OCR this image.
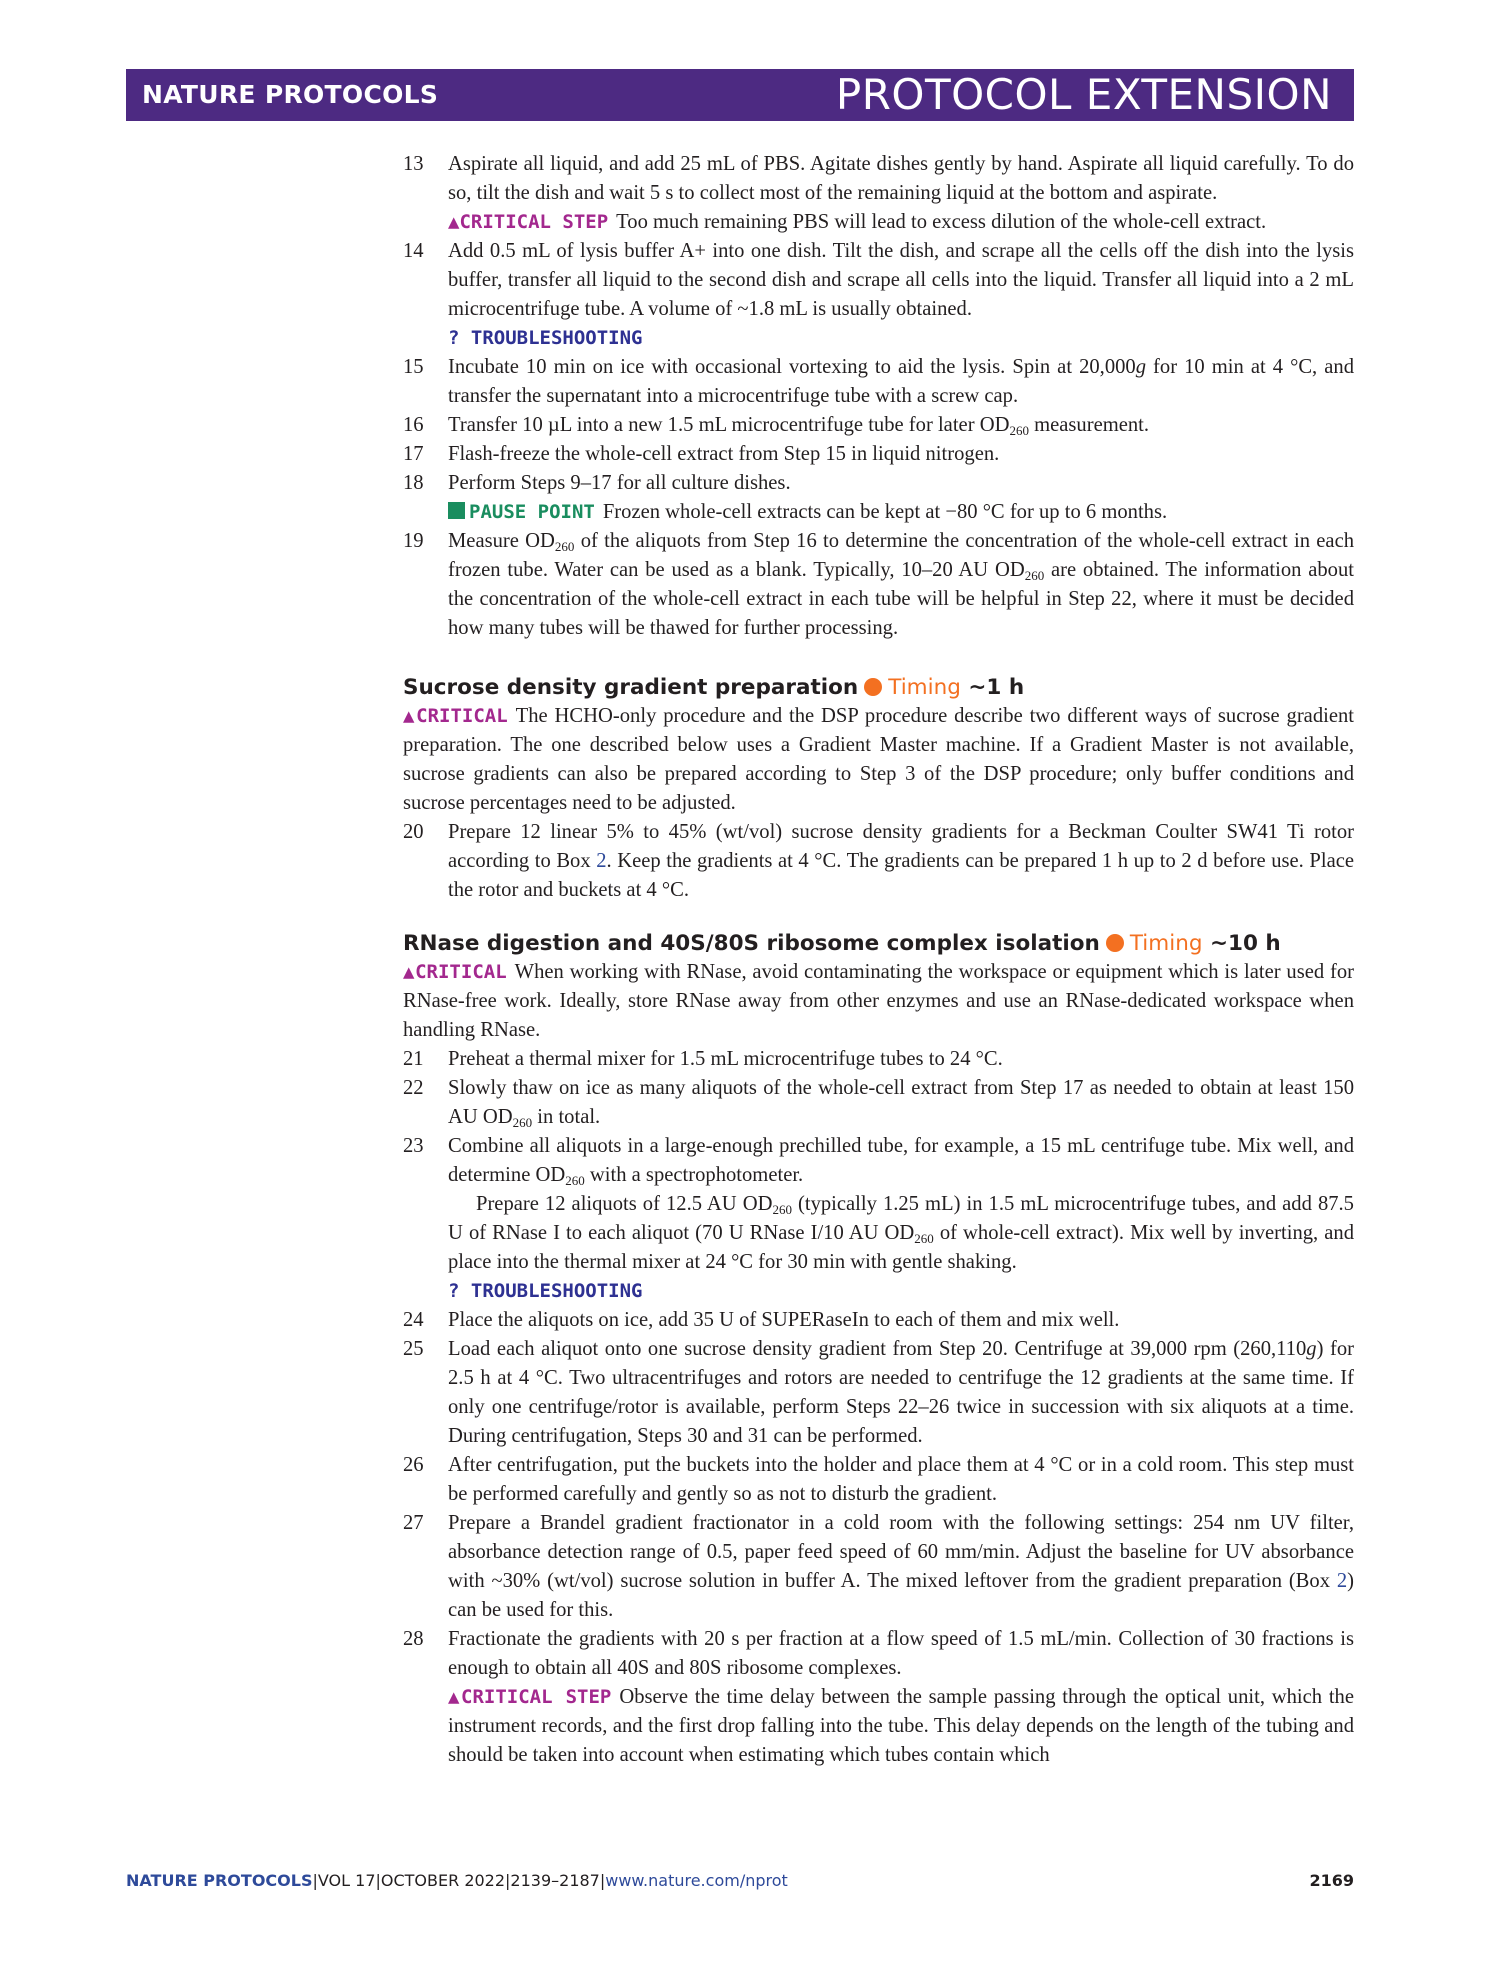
NATURE PROTOCOLS	PROTOCOL EXTENSION
13 Aspirate all liquid, and add 25 mL of PBS. Agitate dishes gently by hand. Aspirate all liquid carefully. To do so, tilt the dish and wait 5 s to collect most of the remaining liquid at the bottom and aspirate.
▲CRITICAL STEP Too much remaining PBS will lead to excess dilution of the whole-cell extract.
14 Add 0.5 mL of lysis buffer A+ into one dish. Tilt the dish, and scrape all the cells off the dish into the lysis buffer, transfer all liquid to the second dish and scrape all cells into the liquid. Transfer all liquid into a 2 mL microcentrifuge tube. A volume of ~1.8 mL is usually obtained.
? TROUBLESHOOTING
15 Incubate 10 min on ice with occasional vortexing to aid the lysis. Spin at 20,000g for 10 min at 4 °C, and transfer the supernatant into a microcentrifuge tube with a screw cap.
16 Transfer 10 µL into a new 1.5 mL microcentrifuge tube for later $OD_{260}$ measurement.
17 Flash-freeze the whole-cell extract from Step 15 in liquid nitrogen.
18 Perform Steps 9–17 for all culture dishes.
PAUSE POINT Frozen whole-cell extracts can be kept at −80 °C for up to 6 months.
19 Measure $OD_{260}$ of the aliquots from Step 16 to determine the concentration of the whole-cell extract in each frozen tube. Water can be used as a blank. Typically, 10–20 AU $OD_{260}$ are obtained. The information about the concentration of the whole-cell extract in each tube will be helpful in Step 22, where it must be decided how many tubes will be thawed for further processing.
Sucrose density gradient preparation Timing ~1 h
▲CRITICAL The HCHO-only procedure and the DSP procedure describe two different ways of sucrose gradient preparation. The one described below uses a Gradient Master machine. If a Gradient Master is not available, sucrose gradients can also be prepared according to Step 3 of the DSP procedure; only buffer conditions and sucrose percentages need to be adjusted.
20 Prepare 12 linear 5% to 45% (wt/vol) sucrose density gradients for a Beckman Coulter SW41 Ti rotor according to Box 2. Keep the gradients at 4 °C. The gradients can be prepared 1 h up to 2 d before use. Place the rotor and buckets at 4 °C.
RNase digestion and 40S/80S ribosome complex isolation Timing ~10 h
▲CRITICAL When working with RNase, avoid contaminating the workspace or equipment which is later used for RNase-free work. Ideally, store RNase away from other enzymes and use an RNase-dedicated workspace when handling RNase.
21 Preheat a thermal mixer for 1.5 mL microcentrifuge tubes to 24 °C.
22 Slowly thaw on ice as many aliquots of the whole-cell extract from Step 17 as needed to obtain at least 150 AU $OD_{260}$ in total.
23 Combine all aliquots in a large-enough prechilled tube, for example, a 15 mL centrifuge tube. Mix well, and determine $OD_{260}$ with a spectrophotometer.
Prepare 12 aliquots of 12.5 AU $OD_{260}$ (typically 1.25 mL) in 1.5 mL microcentrifuge tubes, and add 87.5 U of RNase I to each aliquot (70 U RNase I/10 AU $OD_{260}$ of whole-cell extract). Mix well by inverting, and place into the thermal mixer at 24 °C for 30 min with gentle shaking.
? TROUBLESHOOTING
24 Place the aliquots on ice, add 35 U of SUPERaseIn to each of them and mix well.
25 Load each aliquot onto one sucrose density gradient from Step 20. Centrifuge at 39,000 rpm (260,110g) for 2.5 h at 4 °C. Two ultracentrifuges and rotors are needed to centrifuge the 12 gradients at the same time. If only one centrifuge/rotor is available, perform Steps 22–26 twice in succession with six aliquots at a time. During centrifugation, Steps 30 and 31 can be performed.
26 After centrifugation, put the buckets into the holder and place them at 4 °C or in a cold room. This step must be performed carefully and gently so as not to disturb the gradient.
27 Prepare a Brandel gradient fractionator in a cold room with the following settings: 254 nm UV filter, absorbance detection range of 0.5, paper feed speed of 60 mm/min. Adjust the baseline for UV absorbance with ~30% (wt/vol) sucrose solution in buffer A. The mixed leftover from the gradient preparation (Box 2) can be used for this.
28 Fractionate the gradients with 20 s per fraction at a flow speed of 1.5 mL/min. Collection of 30 fractions is enough to obtain all 40S and 80S ribosome complexes.
▲CRITICAL STEP Observe the time delay between the sample passing through the optical unit, which the instrument records, and the first drop falling into the tube. This delay depends on the length of the tubing and should be taken into account when estimating which tubes contain which
NATURE PROTOCOLS|VOL 17|OCTOBER 2022|2139–2187|www.nature.com/nprot	2169
